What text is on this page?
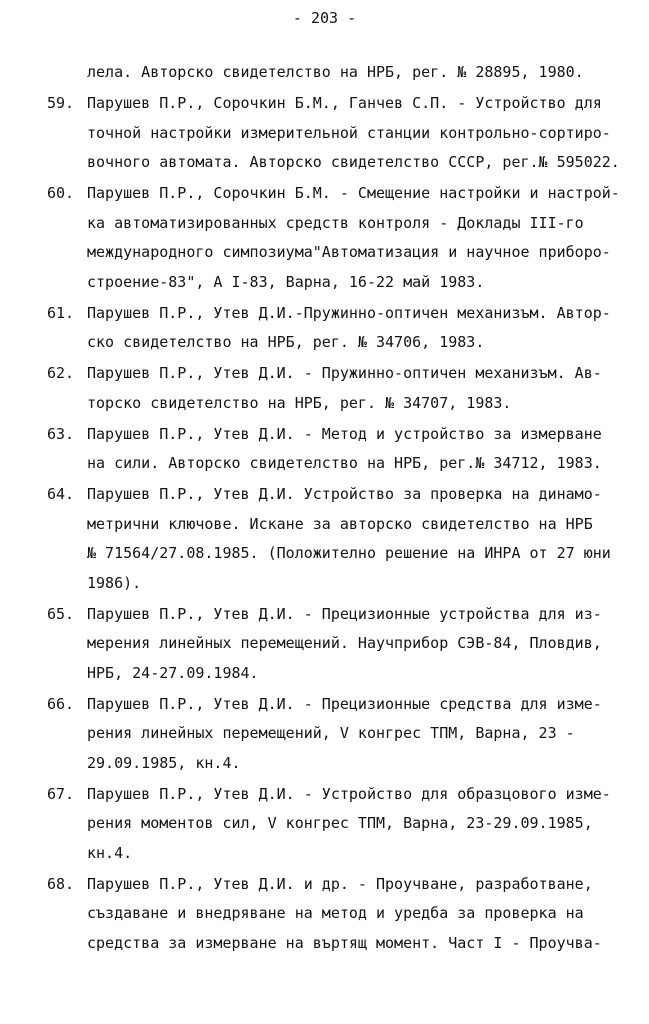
- 203 -
лела. Авторско свидетелство на НРБ, рег. № 28895, 1980.
59. Парушев П.Р., Сорочкин Б.М., Ганчев С.П. - Устройство для
точной настройки измерительной станции контрольно-сортиро-
вочного автомата. Авторско свидетелство СССР, рег.№ 595022.
60. Парушев П.Р., Сорочкин Б.М. - Смещение настройки и настрой-
ка автоматизированных средств контроля - Доклады III-го
международного симпозиума"Автоматизация и научное приборо-
строение-83", А I-83, Варна, 16-22 май 1983.
61. Парушев П.Р., Утев Д.И.-Пружинно-оптичен механизъм. Автор-
ско свидетелство на НРБ, рег. № 34706, 1983.
62. Парушев П.Р., Утев Д.И. - Пружинно-оптичен механизъм. Ав-
торско свидетелство на НРБ, рег. № 34707, 1983.
63. Парушев П.Р., Утев Д.И. - Метод и устройство за измерване
на сили. Авторско свидетелство на НРБ, рег.№ 34712, 1983.
64. Парушев П.Р., Утев Д.И. Устройство за проверка на динамо-
метрични ключове. Искане за авторско свидетелство на НРБ
№ 71564/27.08.1985. (Положително решение на ИНРА от 27 юни
1986).
65. Парушев П.Р., Утев Д.И. - Прецизионные устройства для из-
мерения линейных перемещений. Научприбор СЭВ-84, Пловдив,
НРБ, 24-27.09.1984.
66. Парушев П.Р., Утев Д.И. - Прецизионные средства для изме-
рения линейных перемещений, V конгрес ТПМ, Варна, 23 -
29.09.1985, кн.4.
67. Парушев П.Р., Утев Д.И. - Устройство для образцового изме-
рения моментов сил, V конгрес ТПМ, Варна, 23-29.09.1985,
кн.4.
68. Парушев П.Р., Утев Д.И. и др. - Проучване, разработване,
създаване и внедряване на метод и уредба за проверка на
средства за измерване на въртящ момент. Част I - Проучва-
